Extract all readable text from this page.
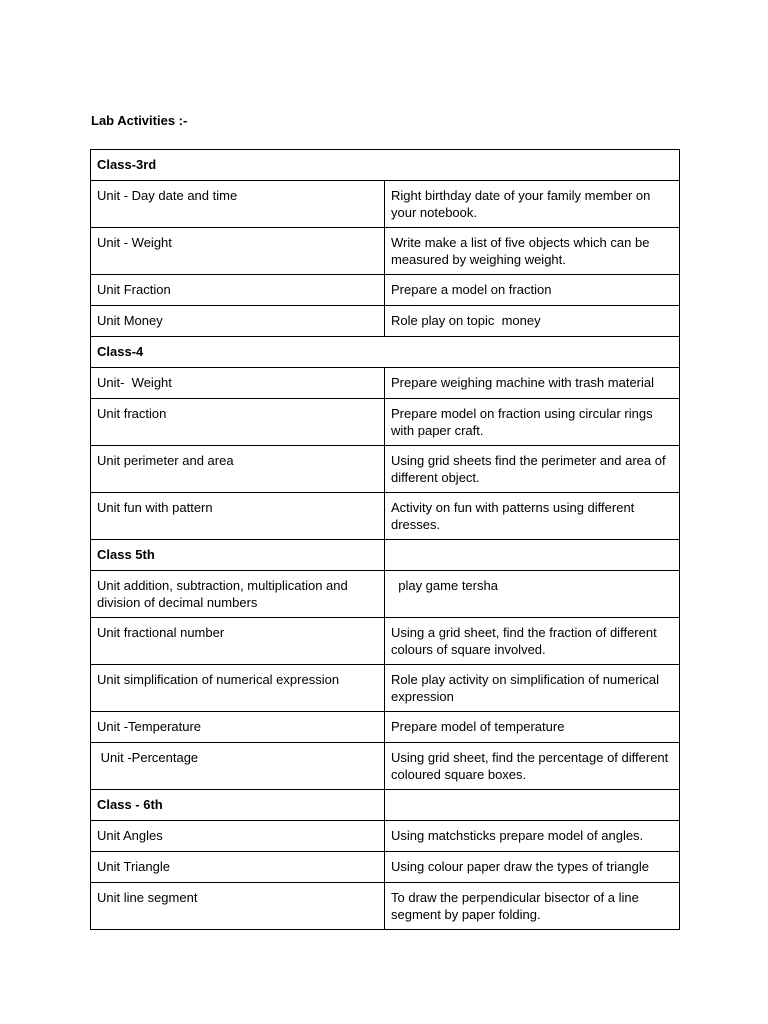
Lab Activities :-
Class-3rd	
Unit - Day date and time	Right birthday date of your family member on your notebook.
Unit - Weight	Write make a list of five objects which can be measured by weighing weight.
Unit Fraction	Prepare a model on fraction
Unit Money	Role play on topic  money
Class-4	
Unit-  Weight	Prepare weighing machine with trash material
Unit fraction	Prepare model on fraction using circular rings with paper craft.
Unit perimeter and area	Using grid sheets find the perimeter and area of different object.
Unit fun with pattern	Activity on fun with patterns using different dresses.
Class 5th	
Unit addition, subtraction, multiplication and division of decimal numbers	play game tersha
Unit fractional number	Using a grid sheet, find the fraction of different colours of square involved.
Unit simplification of numerical expression	Role play activity on simplification of numerical expression
Unit -Temperature	Prepare model of temperature
Unit -Percentage	Using grid sheet, find the percentage of different coloured square boxes.
Class - 6th	
Unit Angles	Using matchsticks prepare model of angles.
Unit Triangle	Using colour paper draw the types of triangle
Unit line segment	To draw the perpendicular bisector of a line segment by paper folding.
